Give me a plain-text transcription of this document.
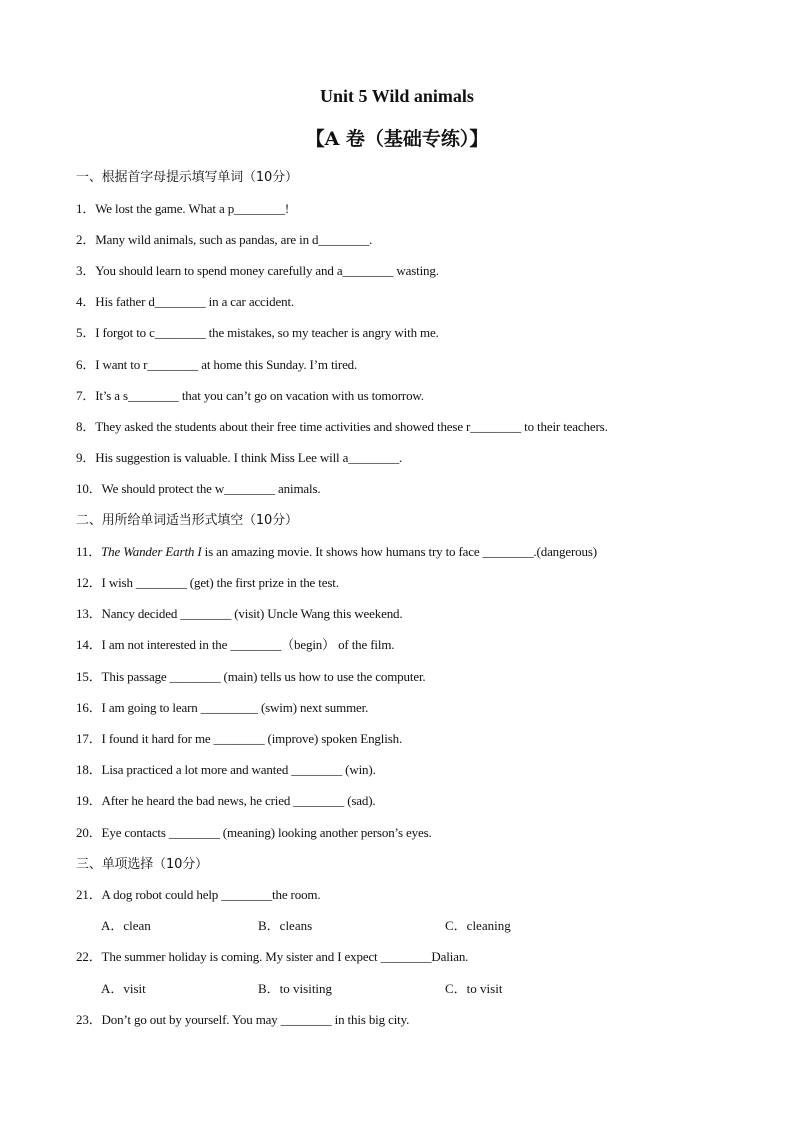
Unit 5 Wild animals
【A 卷（基础专练）】
一、根据首字母提示填写单词（10分）
1．We lost the game. What a p________!
2．Many wild animals, such as pandas, are in d________.
3．You should learn to spend money carefully and a________ wasting.
4．His father d________ in a car accident.
5．I forgot to c________ the mistakes, so my teacher is angry with me.
6．I want to r________ at home this Sunday. I’m tired.
7．It’s a s________ that you can’t go on vacation with us tomorrow.
8．They asked the students about their free time activities and showed these r________ to their teachers.
9．His suggestion is valuable. I think Miss Lee will a________.
10．We should protect the w________ animals.
二、用所给单词适当形式填空（10分）
11．The Wander Earth I is an amazing movie. It shows how humans try to face ________.(dangerous)
12．I wish ________ (get) the first prize in the test.
13．Nancy decided ________ (visit) Uncle Wang this weekend.
14．I am not interested in the ________（begin） of the film.
15．This passage ________ (main) tells us how to use the computer.
16．I am going to learn _________ (swim) next summer.
17．I found it hard for me ________ (improve) spoken English.
18．Lisa practiced a lot more and wanted ________ (win).
19．After he heard the bad news, he cried ________ (sad).
20．Eye contacts ________ (meaning) looking another person’s eyes.
三、单项选择（10分）
21．A dog robot could help ________the room.
A．clean	B．cleans	C．cleaning
22．The summer holiday is coming. My sister and I expect ________Dalian.
A．visit	B．to visiting	C．to visit
23．Don’t go out by yourself. You may ________ in this big city.
